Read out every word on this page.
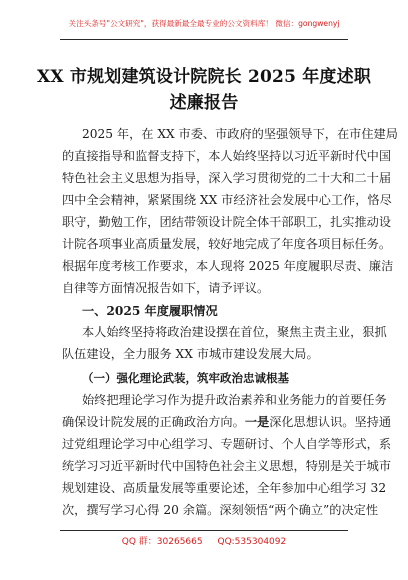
关注头条号"公文研究"，获得最新最全最专业的公文资料库！ 微信：gongwenyj
XX 市规划建筑设计院院长 2025 年度述职
述廉报告
2025 年，在 XX 市委、市政府的坚强领导下，在市住建局
的直接指导和监督支持下，本人始终坚持以习近平新时代中国
特色社会主义思想为指导，深入学习贯彻党的二十大和二十届
四中全会精神，紧紧围绕 XX 市经济社会发展中心工作，恪尽
职守，勤勉工作，团结带领设计院全体干部职工，扎实推动设
计院各项事业高质量发展，较好地完成了年度各项目标任务。
根据年度考核工作要求，本人现将 2025 年度履职尽责、廉洁
自律等方面情况报告如下，请予评议。
一、2025 年度履职情况
本人始终坚持将政治建设摆在首位，聚焦主责主业，狠抓
队伍建设，全力服务 XX 市城市建设发展大局。
（一）强化理论武装，筑牢政治忠诚根基
始终把理论学习作为提升政治素养和业务能力的首要任务
确保设计院发展的正确政治方向。一是深化思想认识。坚持通
过党组理论学习中心组学习、专题研讨、个人自学等形式，系
统学习习近平新时代中国特色社会主义思想，特别是关于城市
规划建设、高质量发展等重要论述，全年参加中心组学习 32
次，撰写学习心得 20 余篇。深刻领悟“两个确立”的决定性
QQ 群：30265665 QQ:535304092
